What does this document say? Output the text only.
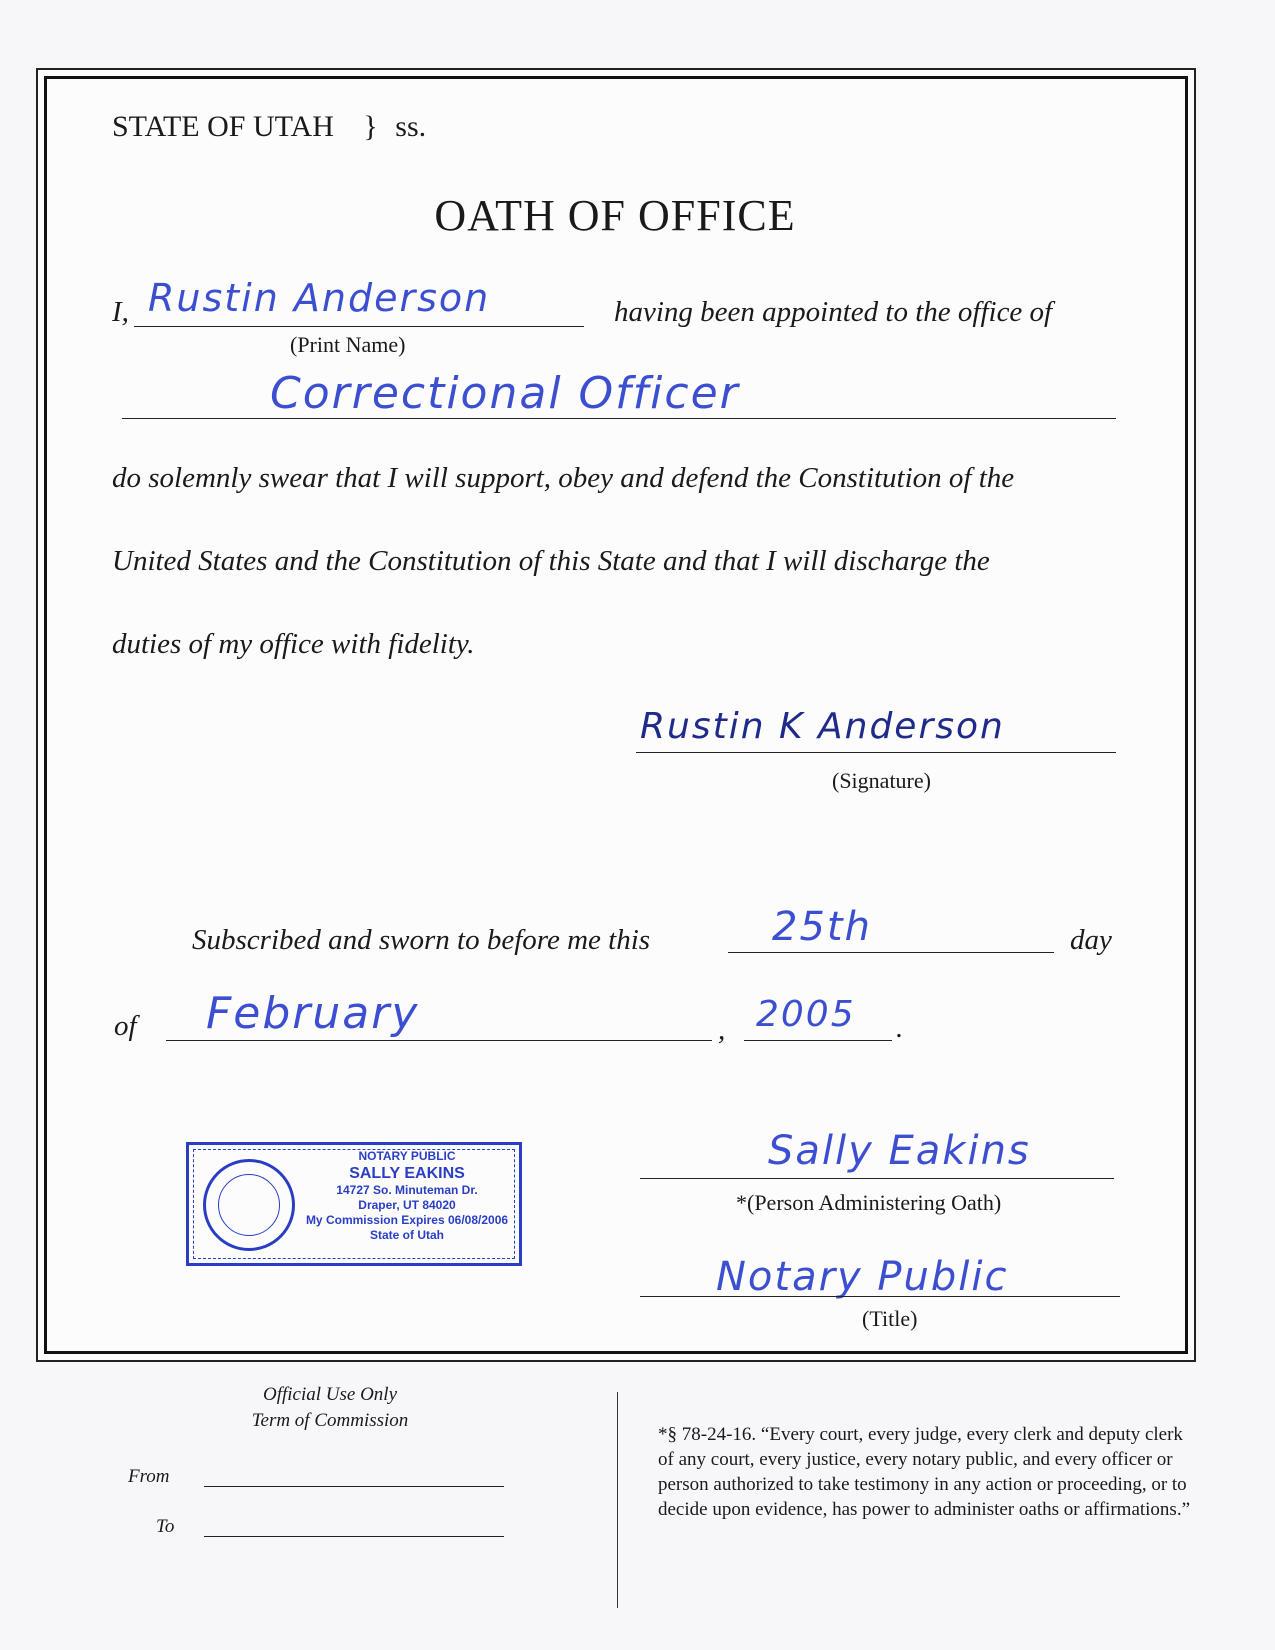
STATE OF UTAH } ss.
OATH OF OFFICE
I, Rustin Anderson	having been appointed to the office of
(Print Name)
Correctional Officer
do solemnly swear that I will support, obey and defend the Constitution of the
United States and the Constitution of this State and that I will discharge the
duties of my office with fidelity.
Rustin K Anderson
(Signature)
Subscribed and sworn to before me this	25th	day
of February	, 2005 .
NOTARY PUBLIC
SALLY EAKINS
14727 So. Minuteman Dr.
Draper, UT 84020
My Commission Expires 06/08/2006
State of Utah
Sally Eakins
*(Person Administering Oath)
Notary Public
(Title)
Official Use Only
Term of Commission
From
To
*§ 78-24-16. “Every court, every judge, every clerk and deputy clerk of any court, every justice, every notary public, and every officer or person authorized to take testimony in any action or proceeding, or to decide upon evidence, has power to administer oaths or affirmations.”
